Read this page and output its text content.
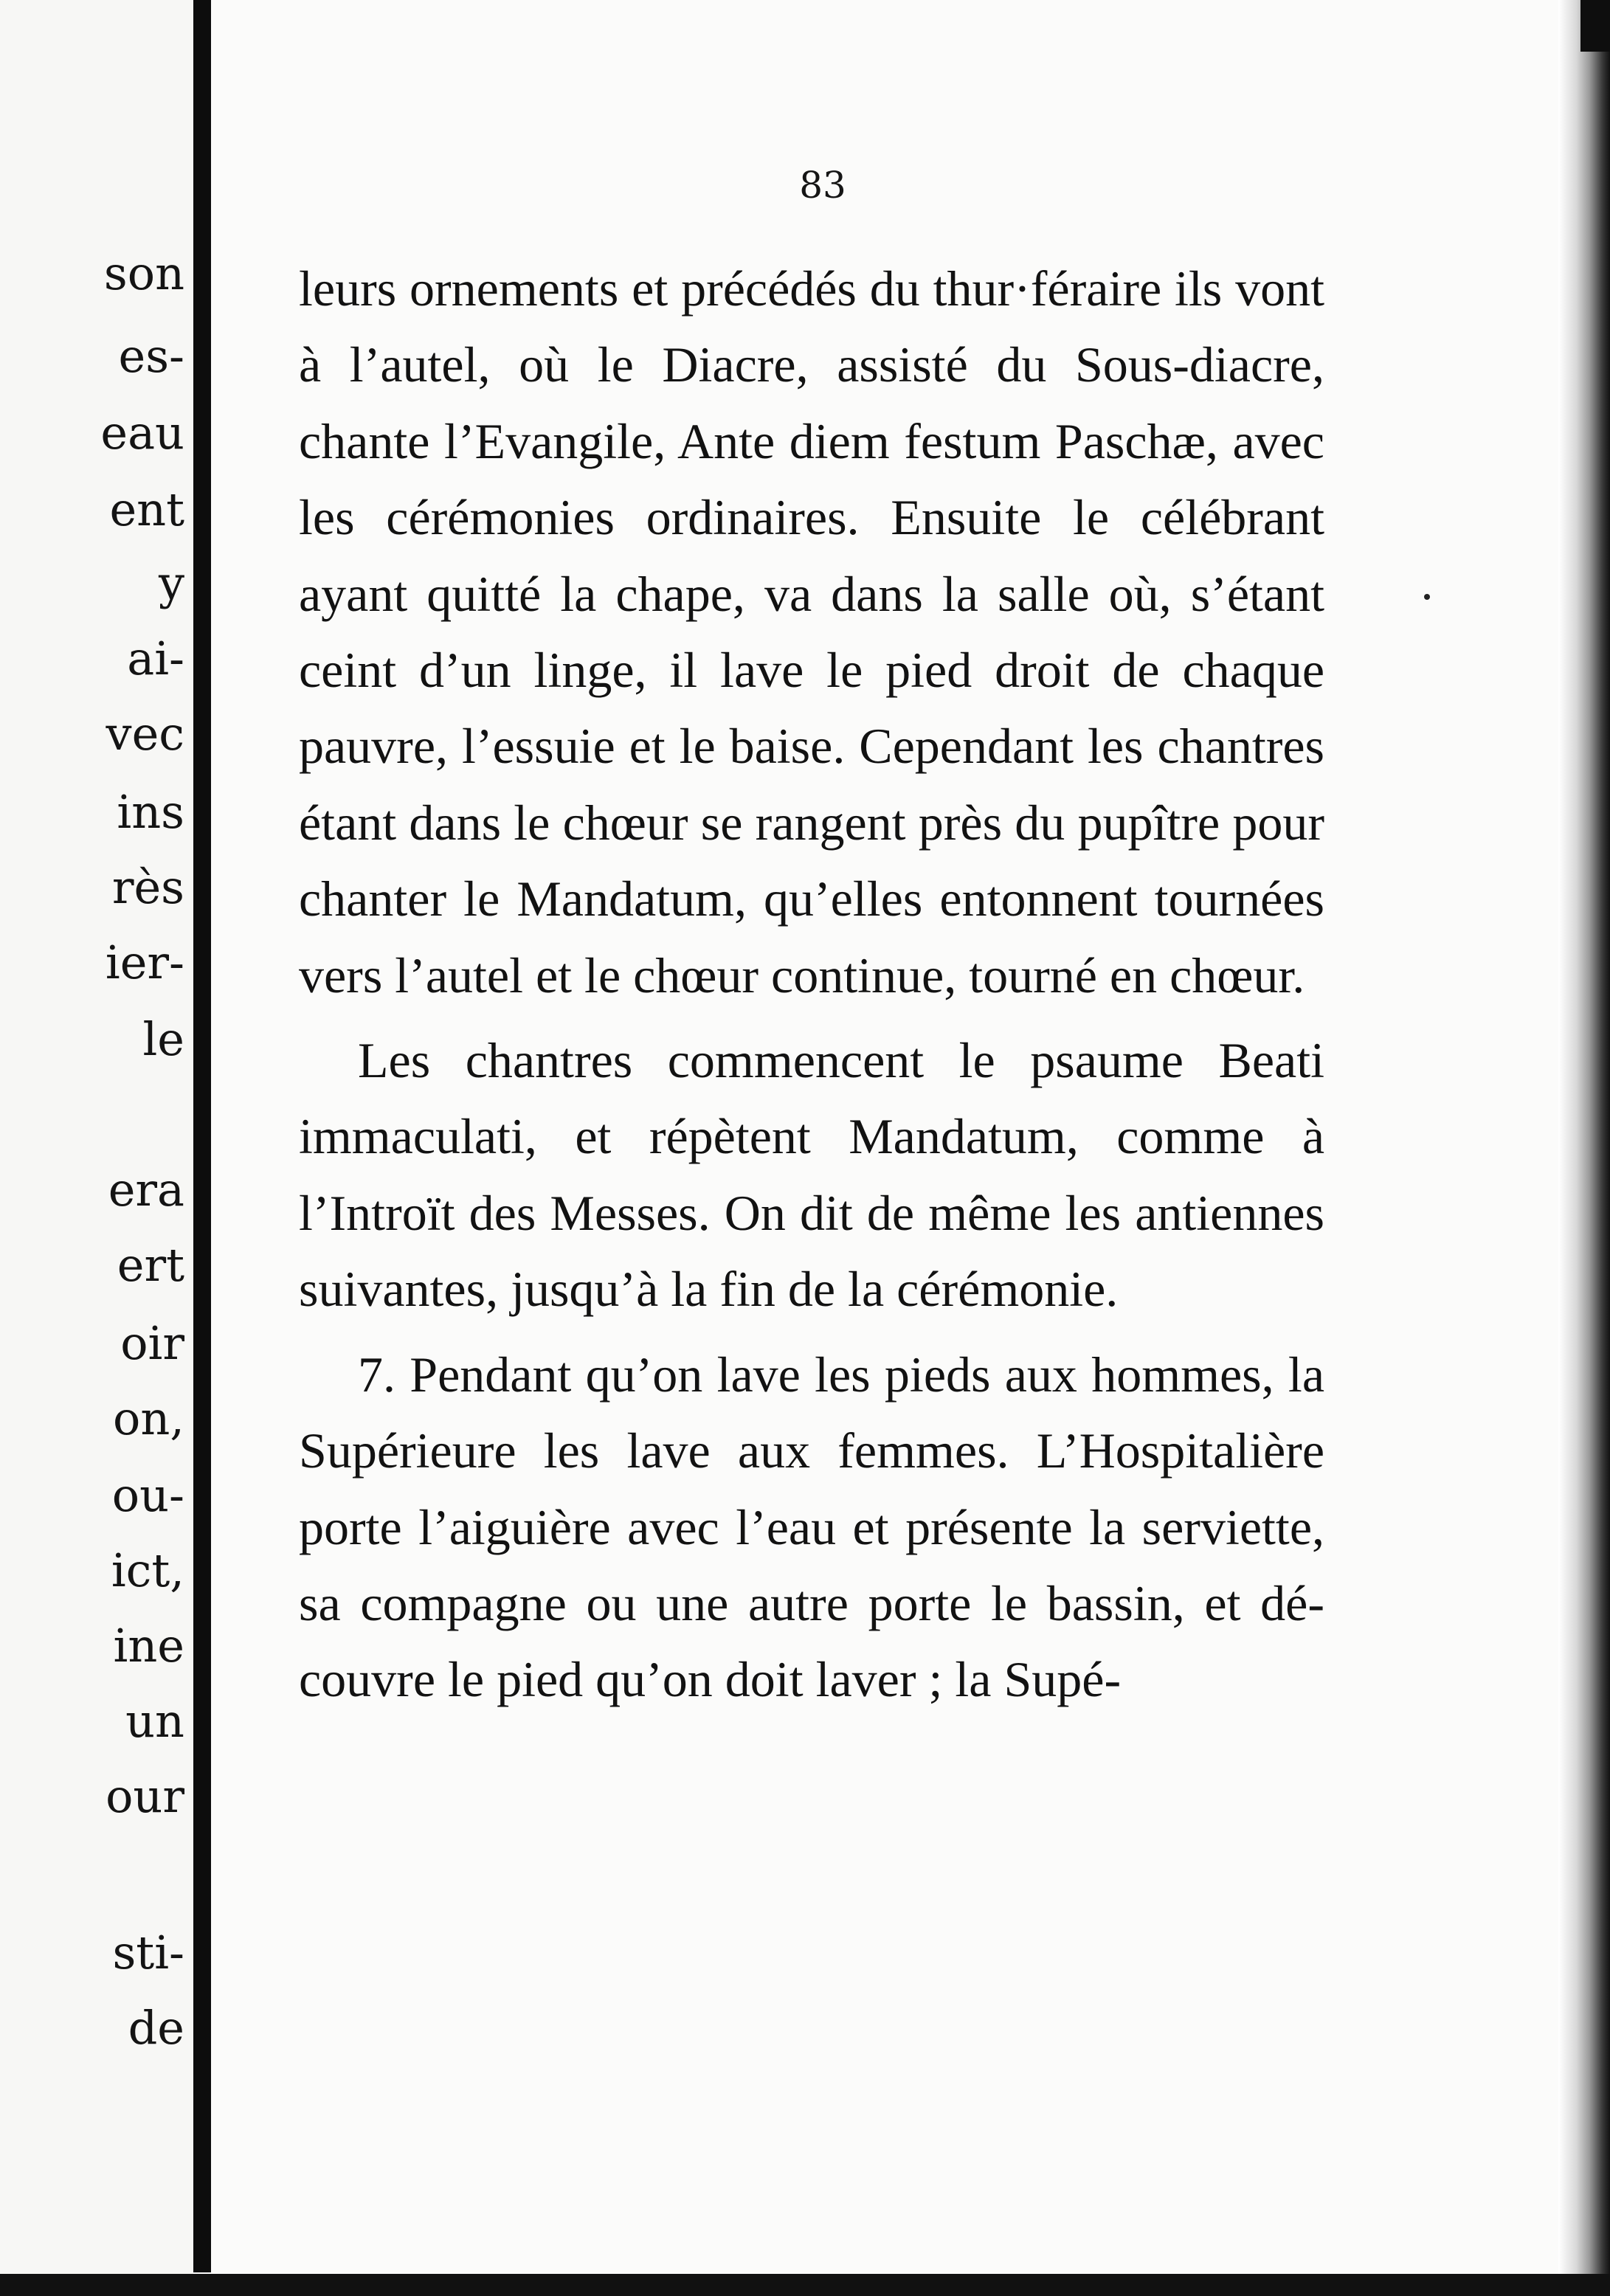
son
es-
eau
ent
y
ai-
vec
ins
rès
ier-
le
era
ert
oir
on,
ou-
ict,
ine
un
our
sti-
de
83

leurs ornements et précédés du thur·féraire ils vont à l’autel, où le Diacre, assisté du Sous-diacre, chante l’Evangile, Ante diem festum Paschæ, avec les cérémonies ordinaires. Ensuite le célébrant ayant quitté la chape, va dans la salle où, s’étant ceint d’un linge, il lave le pied droit de chaque pauvre, l’essuie et le baise. Cependant les chantres étant dans le chœur se rangent près du pupître pour chanter le Mandatum, qu’elles entonnent tournées vers l’autel et le chœur continue, tourné en chœur.

Les chantres commencent le psaume Beati immaculati, et répètent Mandatum, comme à l’Introït des Messes. On dit de même les antiennes suivantes, jusqu’à la fin de la cérémonie.

7. Pendant qu’on lave les pieds aux hommes, la Supérieure les lave aux femmes. L’Hospitalière porte l’aiguière avec l’eau et présente la serviette, sa compagne ou une autre porte le bassin, et découvre le pied qu’on doit laver ; la Supé-
